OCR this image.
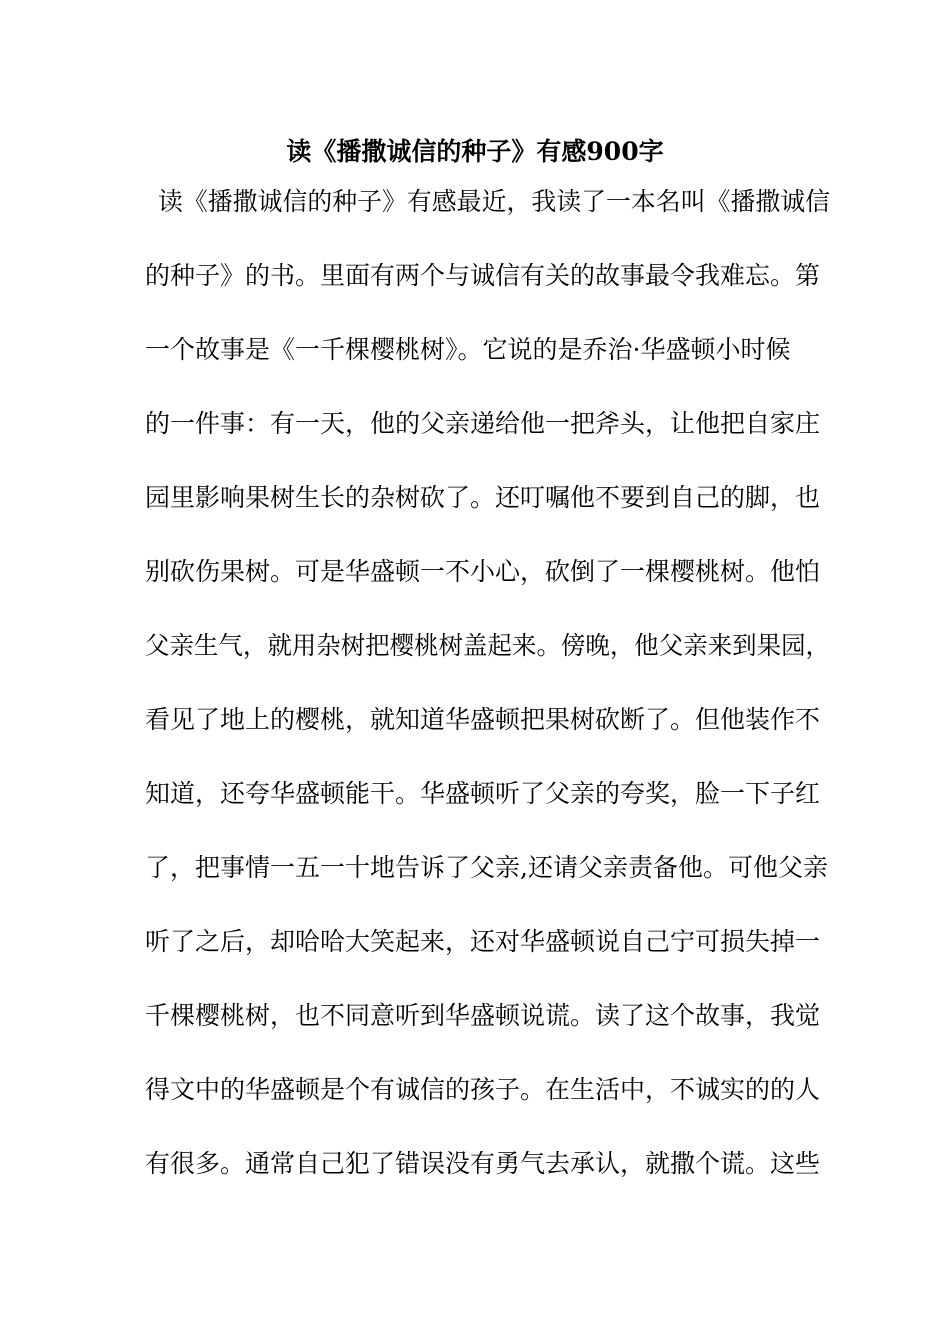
读《播撒诚信的种子》有感900字
读《播撒诚信的种子》有感最近，我读了一本名叫《播撒诚信
的种子》的书。里面有两个与诚信有关的故事最令我难忘。第
一个故事是《一千棵樱桃树》。它说的是乔治·华盛顿小时候
的一件事：有一天，他的父亲递给他一把斧头，让他把自家庄
园里影响果树生长的杂树砍了。还叮嘱他不要到自己的脚，也
别砍伤果树。可是华盛顿一不小心，砍倒了一棵樱桃树。他怕
父亲生气，就用杂树把樱桃树盖起来。傍晚，他父亲来到果园，
看见了地上的樱桃，就知道华盛顿把果树砍断了。但他装作不
知道，还夸华盛顿能干。华盛顿听了父亲的夸奖，脸一下子红
了，把事情一五一十地告诉了父亲,还请父亲责备他。可他父亲
听了之后，却哈哈大笑起来，还对华盛顿说自己宁可损失掉一
千棵樱桃树，也不同意听到华盛顿说谎。读了这个故事，我觉
得文中的华盛顿是个有诚信的孩子。在生活中，不诚实的的人
有很多。通常自己犯了错误没有勇气去承认，就撒个谎。这些
